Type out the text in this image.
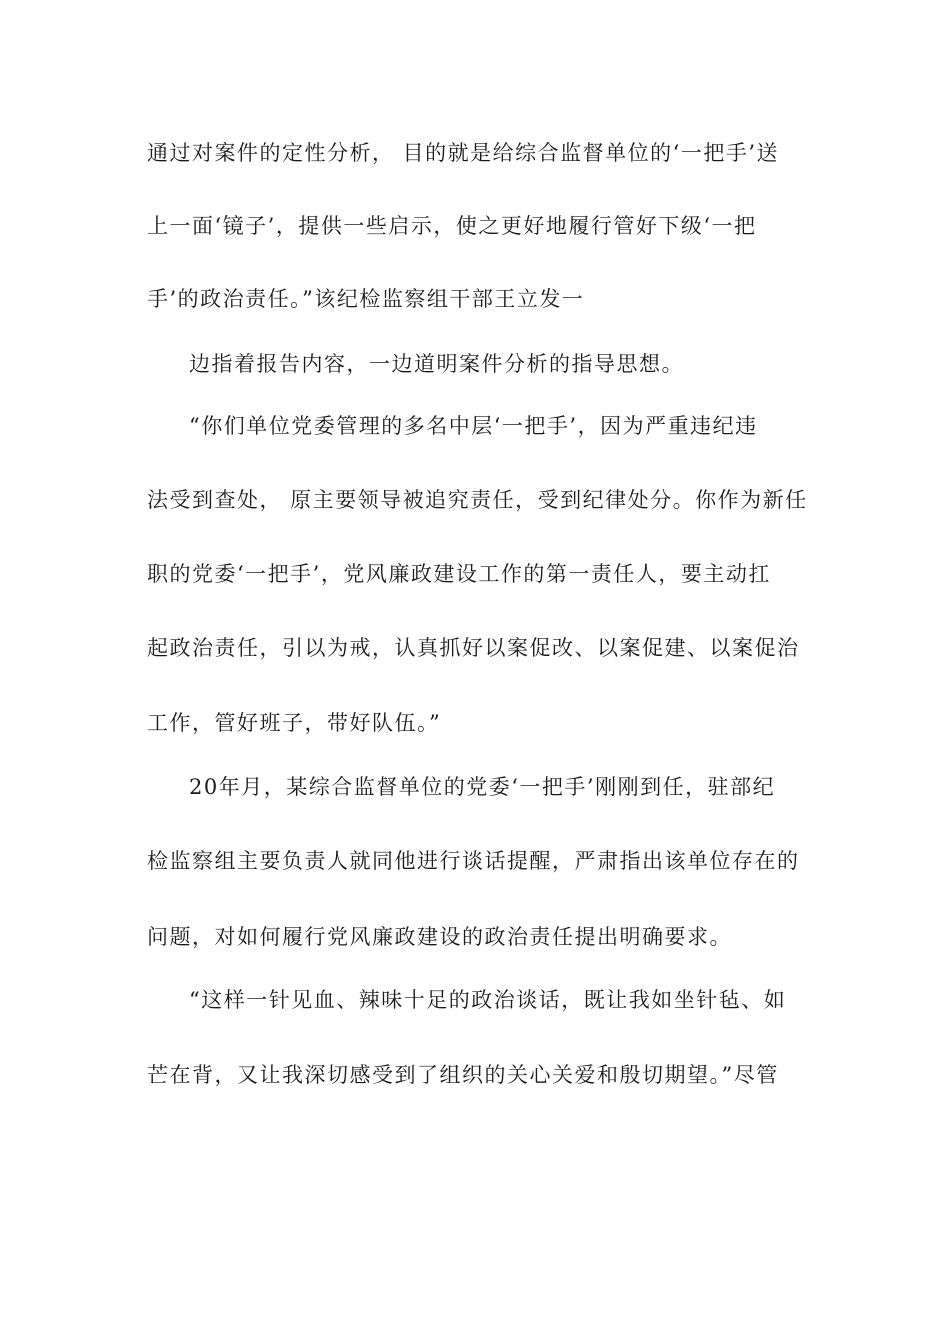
通过对案件的定性分析， 目的就是给综合监督单位的‘一把手’送
上一面‘镜子’，提供一些启示，使之更好地履行管好下级‘一把
手’的政治责任。”该纪检监察组干部王立发一
边指着报告内容，一边道明案件分析的指导思想。
“你们单位党委管理的多名中层‘一把手’，因为严重违纪违
法受到查处， 原主要领导被追究责任，受到纪律处分。你作为新任
职的党委‘一把手’，党风廉政建设工作的第一责任人，要主动扛
起政治责任，引以为戒，认真抓好以案促改、以案促建、以案促治
工作，管好班子，带好队伍。”
20年月，某综合监督单位的党委‘一把手’刚刚到任，驻部纪
检监察组主要负责人就同他进行谈话提醒，严肃指出该单位存在的
问题，对如何履行党风廉政建设的政治责任提出明确要求。
“这样一针见血、辣味十足的政治谈话，既让我如坐针毡、如
芒在背，又让我深切感受到了组织的关心关爱和殷切期望。”尽管
